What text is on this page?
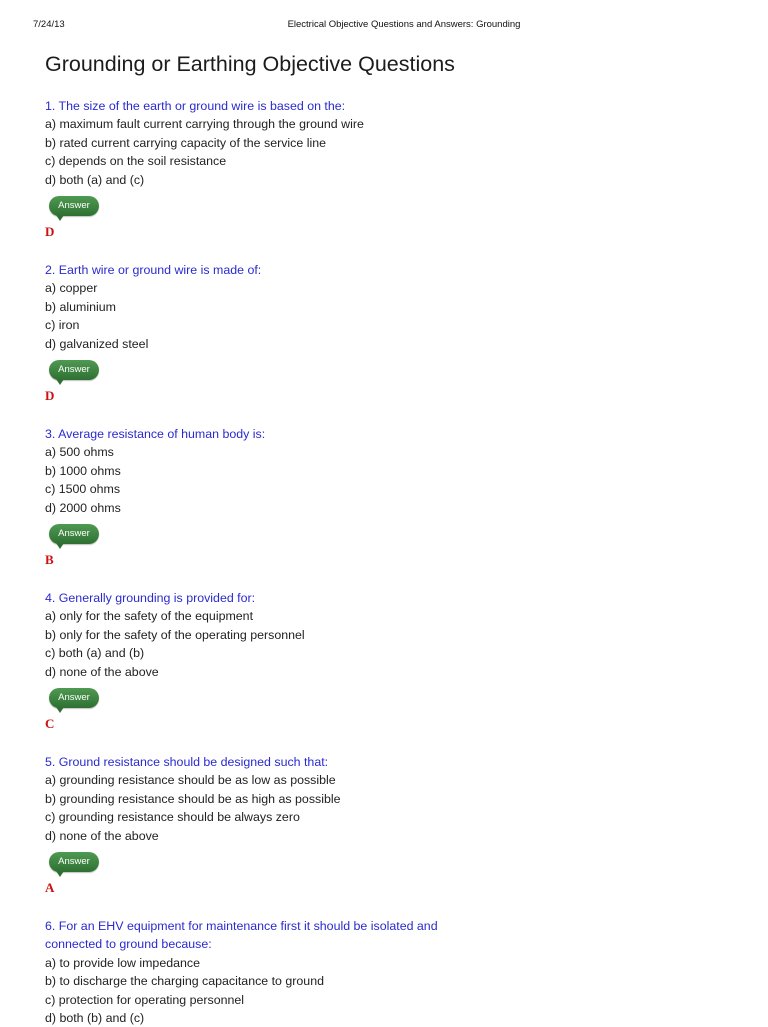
7/24/13	Electrical Objective Questions and Answers: Grounding
Grounding or Earthing Objective Questions
1. The size of the earth or ground wire is based on the:
a) maximum fault current carrying through the ground wire
b) rated current carrying capacity of the service line
c) depends on the soil resistance
d) both (a) and (c)
Answer
D
2. Earth wire or ground wire is made of:
a) copper
b) aluminium
c) iron
d) galvanized steel
Answer
D
3. Average resistance of human body is:
a) 500 ohms
b) 1000 ohms
c) 1500 ohms
d) 2000 ohms
Answer
B
4. Generally grounding is provided for:
a) only for the safety of the equipment
b) only for the safety of the operating personnel
c) both (a) and (b)
d) none of the above
Answer
C
5. Ground resistance should be designed such that:
a) grounding resistance should be as low as possible
b) grounding resistance should be as high as possible
c) grounding resistance should be always zero
d) none of the above
Answer
A
6. For an EHV equipment for maintenance first it should be isolated and connected to ground because:
a) to provide low impedance
b) to discharge the charging capacitance to ground
c) protection for operating personnel
d) both (b) and (c)
